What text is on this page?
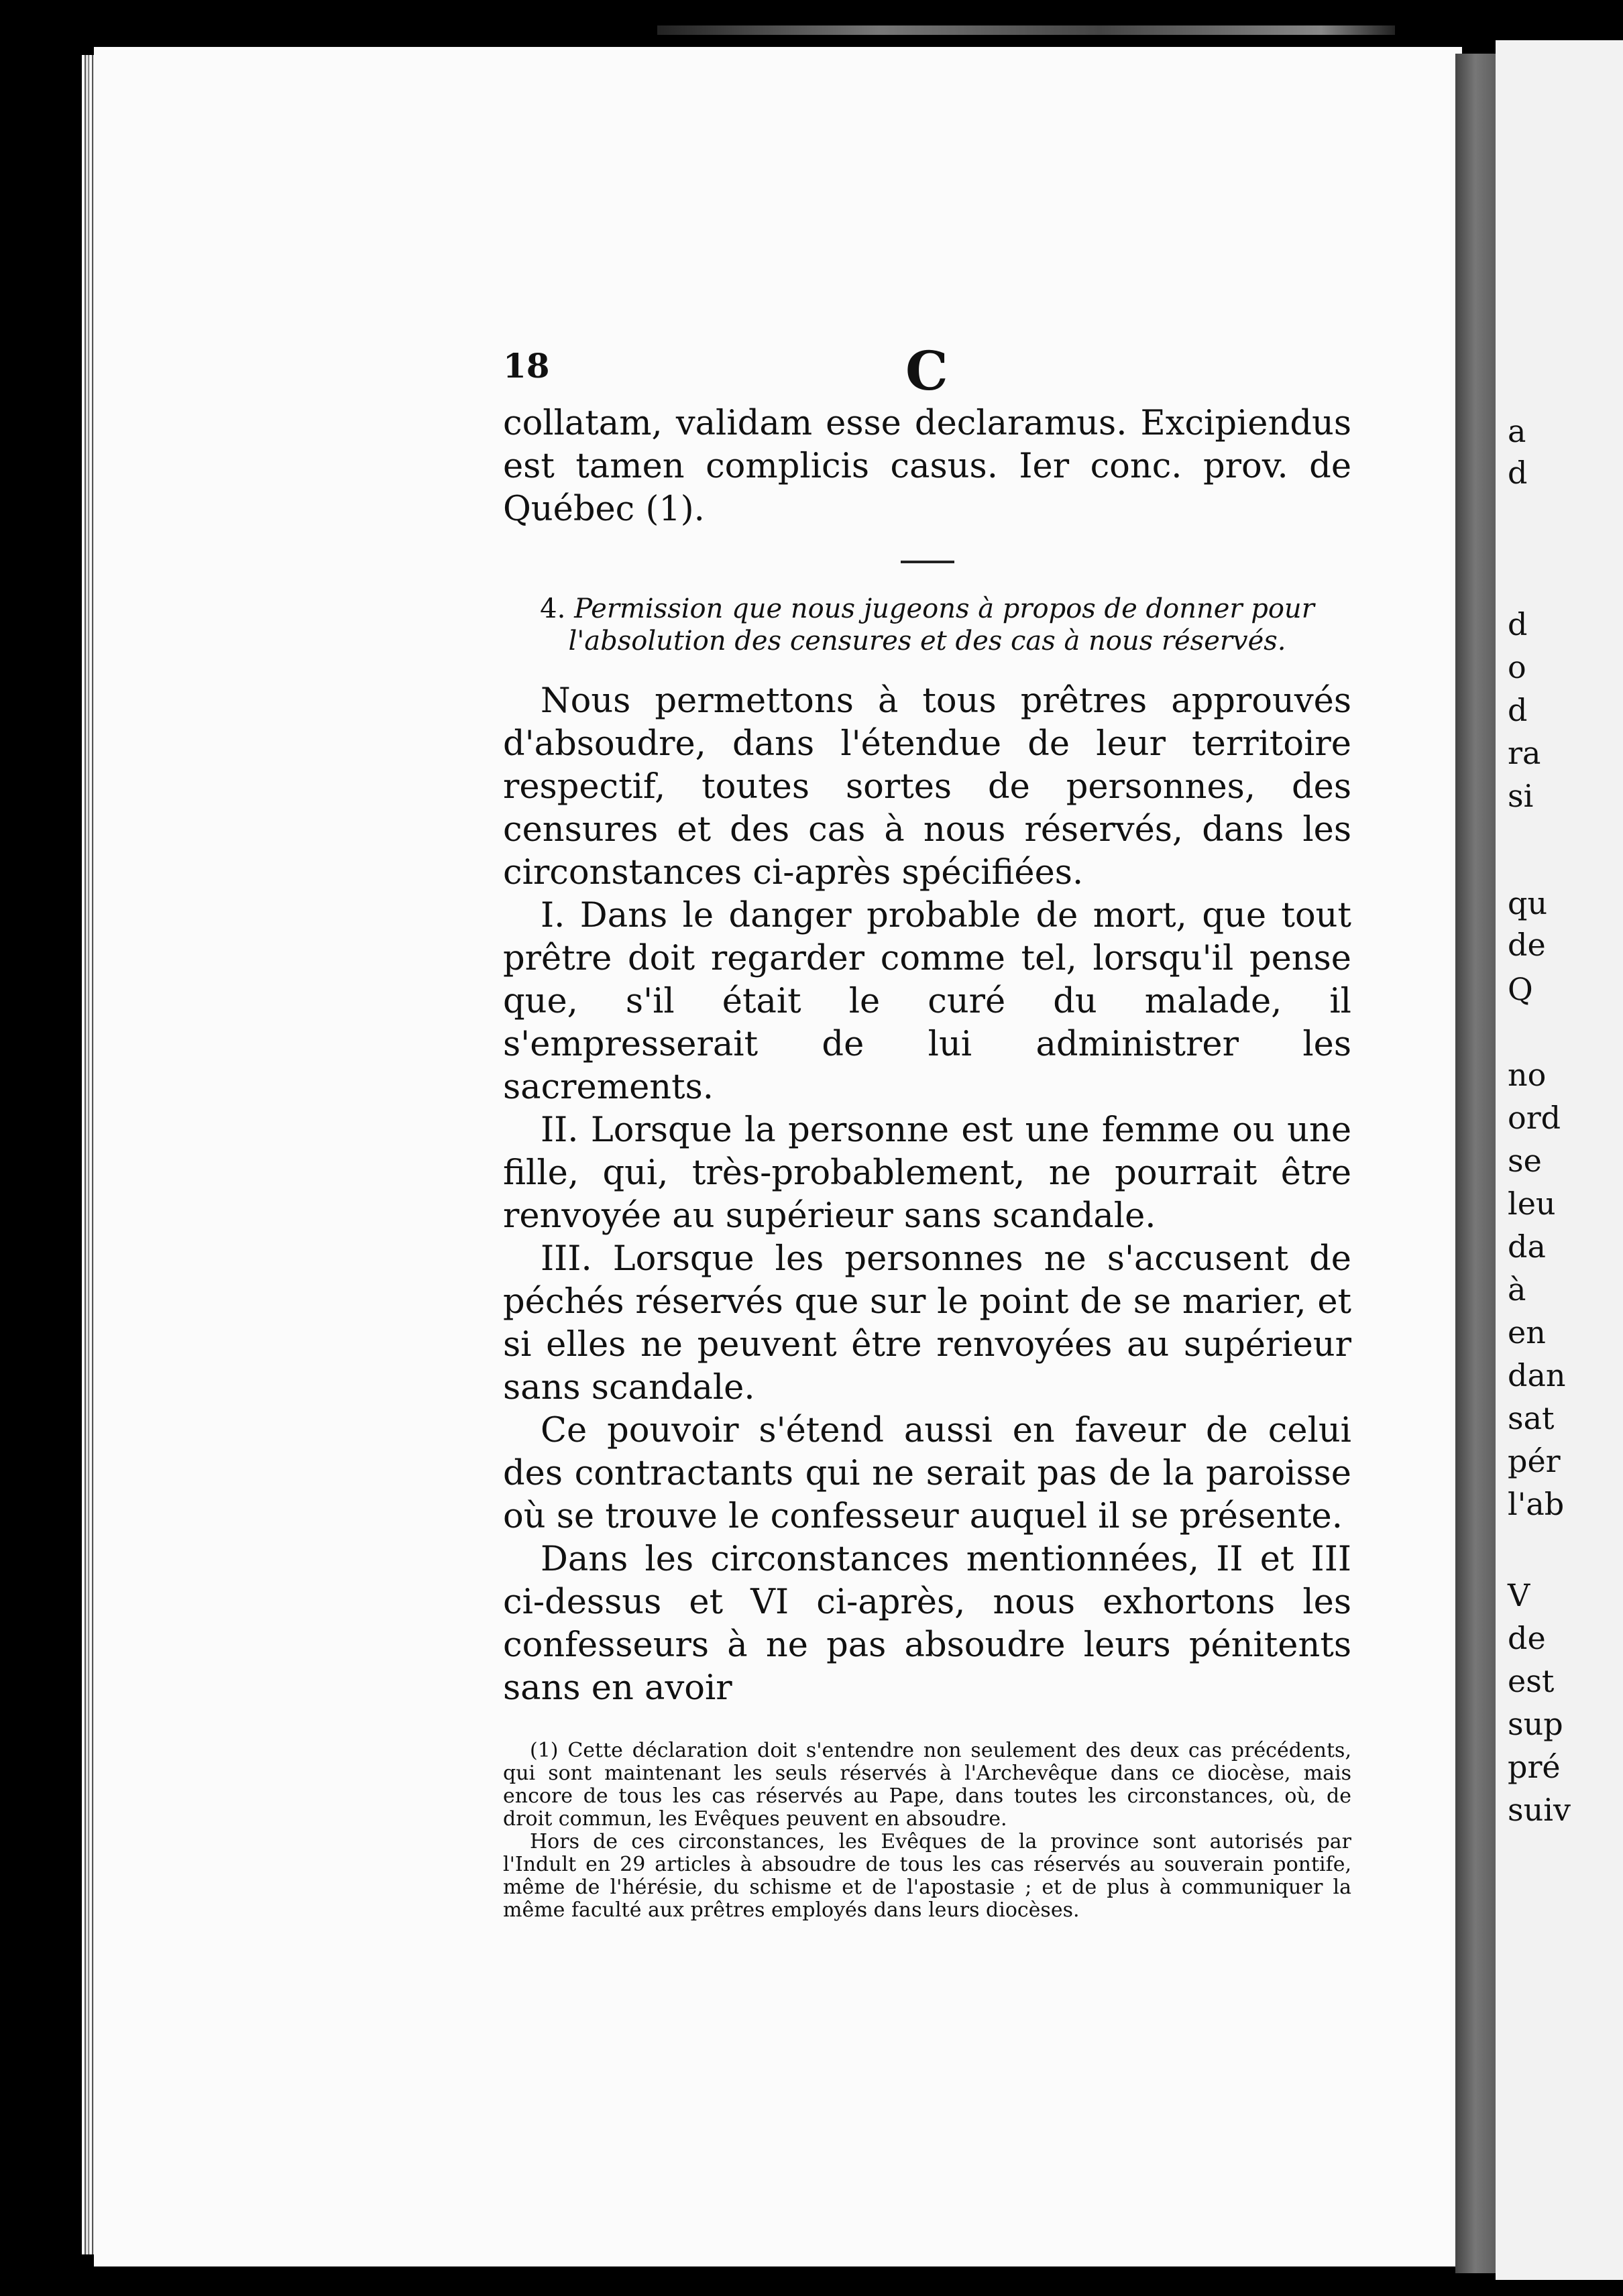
a
d
d
o
d
ra
si
qu
de
Q
no
ord
se
leu
da
à
en
dan
sat
pér
l'ab
V
de
est
sup
pré
suiv
18	C

collatam, validam esse declaramus. Excipiendus est tamen complicis casus. Ier conc. prov. de Québec (1).

4. Permission que nous jugeons à propos de donner pour l'absolution des censures et des cas à nous réservés.

Nous permettons à tous prêtres approuvés d'absoudre, dans l'étendue de leur territoire respectif, toutes sortes de personnes, des censures et des cas à nous réservés, dans les circonstances ci-après spécifiées.

I. Dans le danger probable de mort, que tout prêtre doit regarder comme tel, lorsqu'il pense que, s'il était le curé du malade, il s'empresserait de lui administrer les sacrements.

II. Lorsque la personne est une femme ou une fille, qui, très-probablement, ne pourrait être renvoyée au supérieur sans scandale.

III. Lorsque les personnes ne s'accusent de péchés réservés que sur le point de se marier, et si elles ne peuvent être renvoyées au supérieur sans scandale.

Ce pouvoir s'étend aussi en faveur de celui des contractants qui ne serait pas de la paroisse où se trouve le confesseur auquel il se présente.

Dans les circonstances mentionnées, II et III ci-dessus et VI ci-après, nous exhortons les confesseurs à ne pas absoudre leurs pénitents sans en avoir

(1) Cette déclaration doit s'entendre non seulement des deux cas précédents, qui sont maintenant les seuls réservés à l'Archevêque dans ce diocèse, mais encore de tous les cas réservés au Pape, dans toutes les circonstances, où, de droit commun, les Evêques peuvent en absoudre.

Hors de ces circonstances, les Evêques de la province sont autorisés par l'Indult en 29 articles à absoudre de tous les cas réservés au souverain pontife, même de l'hérésie, du schisme et de l'apostasie ; et de plus à communiquer la même faculté aux prêtres employés dans leurs diocèses.
